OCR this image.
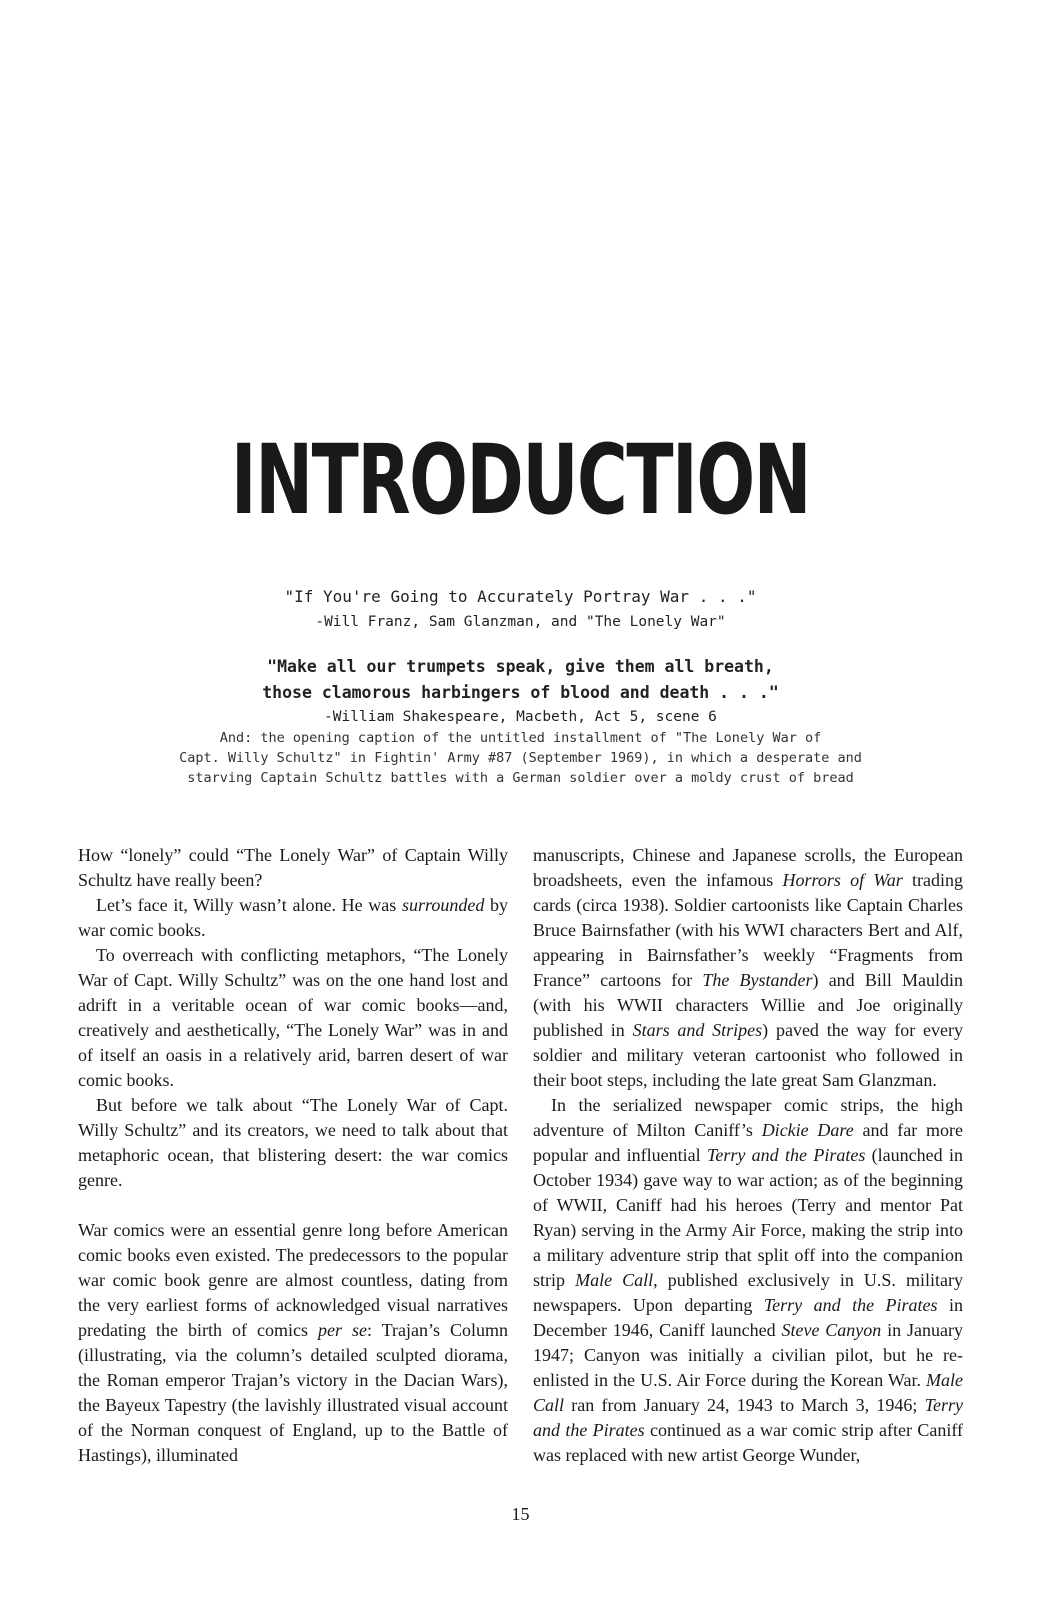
INTRODUCTION
"If You're Going to Accurately Portray War . . ."
-Will Franz, Sam Glanzman, and "The Lonely War"
"Make all our trumpets speak, give them all breath,
those clamorous harbingers of blood and death . . ."
-William Shakespeare, Macbeth, Act 5, scene 6
And: the opening caption of the untitled installment of "The Lonely War of
Capt. Willy Schultz" in Fightin' Army #87 (September 1969), in which a desperate and
starving Captain Schultz battles with a German soldier over a moldy crust of bread

How “lonely” could “The Lonely War” of Captain Willy Schultz have really been?

Let’s face it, Willy wasn’t alone. He was surrounded by war comic books.

To overreach with conflicting metaphors, “The Lonely War of Capt. Willy Schultz” was on the one hand lost and adrift in a veritable ocean of war comic books—and, creatively and aesthetically, “The Lonely War” was in and of itself an oasis in a relatively arid, barren desert of war comic books.

But before we talk about “The Lonely War of Capt. Willy Schultz” and its creators, we need to talk about that metaphoric ocean, that blistering desert: the war comics genre.

War comics were an essential genre long before American comic books even existed. The predecessors to the popular war comic book genre are almost countless, dating from the very earliest forms of acknowledged visual narratives predating the birth of comics per se: Trajan’s Column (illustrating, via the column’s detailed sculpted diorama, the Roman emperor Trajan’s victory in the Dacian Wars), the Bayeux Tapestry (the lavishly illustrated visual account of the Norman conquest of England, up to the Battle of Hastings), illuminated

manuscripts, Chinese and Japanese scrolls, the European broadsheets, even the infamous Horrors of War trading cards (circa 1938). Soldier cartoonists like Captain Charles Bruce Bairnsfather (with his WWI characters Bert and Alf, appearing in Bairnsfather’s weekly “Fragments from France” cartoons for The Bystander) and Bill Mauldin (with his WWII characters Willie and Joe originally published in Stars and Stripes) paved the way for every soldier and military veteran cartoonist who followed in their boot steps, including the late great Sam Glanzman.

In the serialized newspaper comic strips, the high adventure of Milton Caniff’s Dickie Dare and far more popular and influential Terry and the Pirates (launched in October 1934) gave way to war action; as of the beginning of WWII, Caniff had his heroes (Terry and mentor Pat Ryan) serving in the Army Air Force, making the strip into a military adventure strip that split off into the companion strip Male Call, published exclusively in U.S. military newspapers. Upon departing Terry and the Pirates in December 1946, Caniff launched Steve Canyon in January 1947; Canyon was initially a civilian pilot, but he re-enlisted in the U.S. Air Force during the Korean War. Male Call ran from January 24, 1943 to March 3, 1946; Terry and the Pirates continued as a war comic strip after Caniff was replaced with new artist George Wunder,

15
